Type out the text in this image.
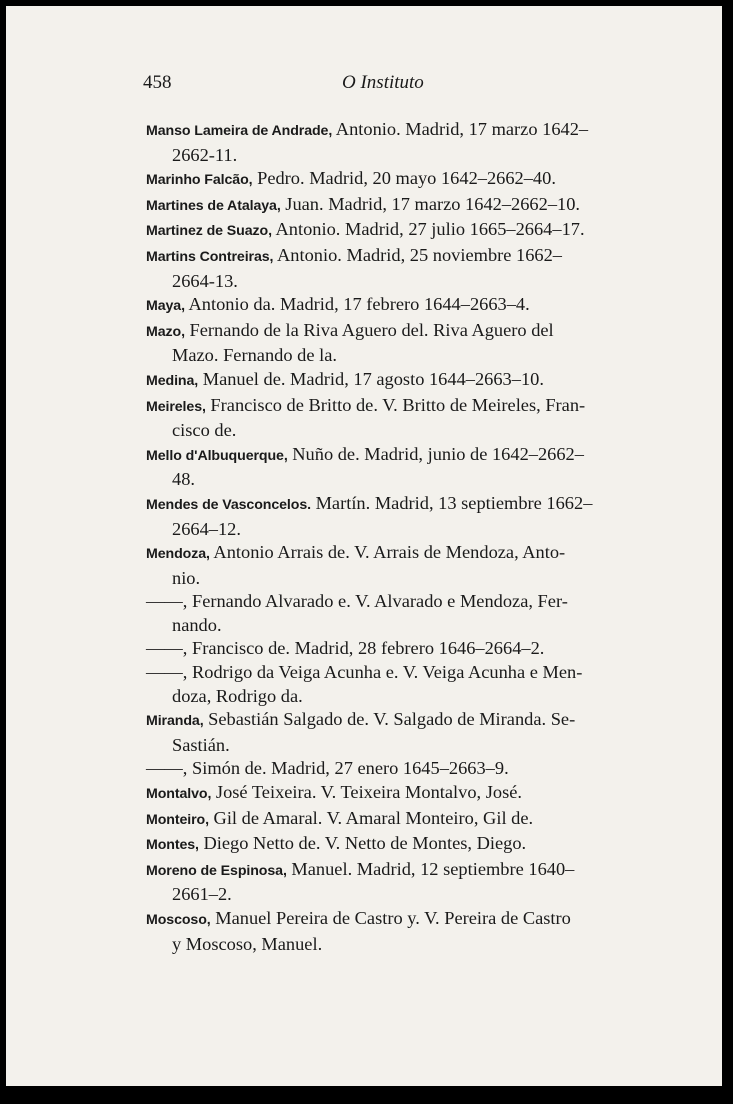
458	O Instituto
Manso Lameira de Andrade, Antonio. Madrid, 17 marzo 1642–
2662-11.
Marinho Falcão, Pedro. Madrid, 20 mayo 1642–2662–40.
Martines de Atalaya, Juan. Madrid, 17 marzo 1642–2662–10.
Martinez de Suazo, Antonio. Madrid, 27 julio 1665–2664–17.
Martins Contreiras, Antonio. Madrid, 25 noviembre 1662–
2664-13.
Maya, Antonio da. Madrid, 17 febrero 1644–2663–4.
Mazo, Fernando de la Riva Aguero del. Riva Aguero del
Mazo. Fernando de la.
Medina, Manuel de. Madrid, 17 agosto 1644–2663–10.
Meireles, Francisco de Britto de. V. Britto de Meireles, Fran-
cisco de.
Mello d'Albuquerque, Nuño de. Madrid, junio de 1642–2662–
48.
Mendes de Vasconcelos. Martín. Madrid, 13 septiembre 1662–
2664–12.
Mendoza, Antonio Arrais de. V. Arrais de Mendoza, Anto-
nio.
——, Fernando Alvarado e. V. Alvarado e Mendoza, Fer-
nando.
——, Francisco de. Madrid, 28 febrero 1646–2664–2.
——, Rodrigo da Veiga Acunha e. V. Veiga Acunha e Men-
doza, Rodrigo da.
Miranda, Sebastián Salgado de. V. Salgado de Miranda. Se-
Sastián.
——, Simón de. Madrid, 27 enero 1645–2663–9.
Montalvo, José Teixeira. V. Teixeira Montalvo, José.
Monteiro, Gil de Amaral. V. Amaral Monteiro, Gil de.
Montes, Diego Netto de. V. Netto de Montes, Diego.
Moreno de Espinosa, Manuel. Madrid, 12 septiembre 1640–
2661–2.
Moscoso, Manuel Pereira de Castro y. V. Pereira de Castro
y Moscoso, Manuel.
